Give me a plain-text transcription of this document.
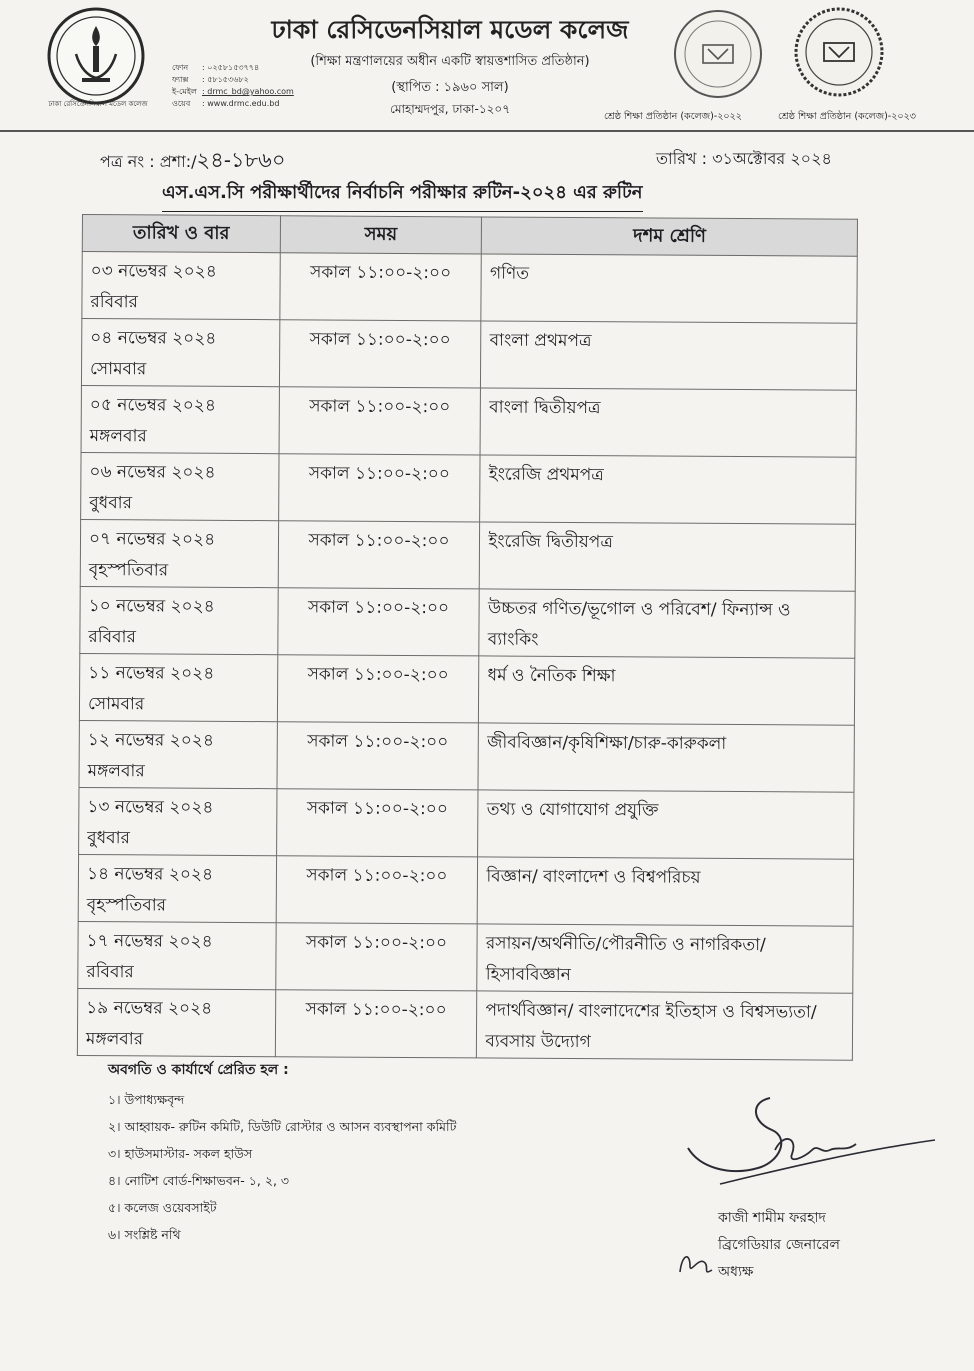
ঢাকা রেসিডেনসিয়াল মডেল কলেজ
ঢাকা রেসিডেনসিয়াল মডেল কলেজ
(শিক্ষা মন্ত্রণালয়ের অধীন একটি স্বায়ত্তশাসিত প্রতিষ্ঠান)
(স্থাপিত : ১৯৬০ সাল)
মোহাম্মদপুর, ঢাকা-১২০৭
ফোন : ০২৫৮১৫৩৭৭৪
ফ্যাক্স : ৫৮১৫৩৬৮২
ই-মেইল : drmc_bd@yahoo.com
ওয়েব : www.drmc.edu.bd
শ্রেষ্ঠ শিক্ষা প্রতিষ্ঠান (কলেজ)-২০২২	শ্রেষ্ঠ শিক্ষা প্রতিষ্ঠান (কলেজ)-২০২৩
পত্র নং : প্রশা:/২৪-১৮৬০	তারিখ : ৩১অক্টোবর ২০২৪
এস.এস.সি পরীক্ষার্থীদের নির্বাচনি পরীক্ষার রুটিন-২০২৪ এর রুটিন
তারিখ ও বার	সময়	দশম শ্রেণি

০৩ নভেম্বর ২০২৪
রবিবার	সকাল ১১:০০-২:০০	গণিত

০৪ নভেম্বর ২০২৪
সোমবার	সকাল ১১:০০-২:০০	বাংলা প্রথমপত্র

০৫ নভেম্বর ২০২৪
মঙ্গলবার	সকাল ১১:০০-২:০০	বাংলা দ্বিতীয়পত্র

০৬ নভেম্বর ২০২৪
বুধবার	সকাল ১১:০০-২:০০	ইংরেজি প্রথমপত্র

০৭ নভেম্বর ২০২৪
বৃহস্পতিবার	সকাল ১১:০০-২:০০	ইংরেজি দ্বিতীয়পত্র

১০ নভেম্বর ২০২৪
রবিবার	সকাল ১১:০০-২:০০	উচ্চতর গণিত/ভূগোল ও পরিবেশ/ ফিন্যান্স ও ব্যাংকিং

১১ নভেম্বর ২০২৪
সোমবার	সকাল ১১:০০-২:০০	ধর্ম ও নৈতিক শিক্ষা

১২ নভেম্বর ২০২৪
মঙ্গলবার	সকাল ১১:০০-২:০০	জীববিজ্ঞান/কৃষিশিক্ষা/চারু-কারুকলা

১৩ নভেম্বর ২০২৪
বুধবার	সকাল ১১:০০-২:০০	তথ্য ও যোগাযোগ প্রযুক্তি

১৪ নভেম্বর ২০২৪
বৃহস্পতিবার	সকাল ১১:০০-২:০০	বিজ্ঞান/ বাংলাদেশ ও বিশ্বপরিচয়

১৭ নভেম্বর ২০২৪
রবিবার	সকাল ১১:০০-২:০০	রসায়ন/অর্থনীতি/পৌরনীতি ও নাগরিকতা/হিসাববিজ্ঞান

১৯ নভেম্বর ২০২৪
মঙ্গলবার	সকাল ১১:০০-২:০০	পদার্থবিজ্ঞান/ বাংলাদেশের ইতিহাস ও বিশ্বসভ্যতা/ব্যবসায় উদ্যোগ
অবগতি ও কার্যার্থে প্রেরিত হল :
১। উপাধ্যক্ষবৃন্দ
২। আহ্বায়ক- রুটিন কমিটি, ডিউটি রোস্টার ও আসন ব্যবস্থাপনা কমিটি
৩। হাউসমাস্টার- সকল হাউস
৪। নোটিশ বোর্ড-শিক্ষাভবন- ১, ২, ৩
৫। কলেজ ওয়েবসাইট
৬। সংশ্লিষ্ট নথি
কাজী শামীম ফরহাদ
ব্রিগেডিয়ার জেনারেল
অধ্যক্ষ
